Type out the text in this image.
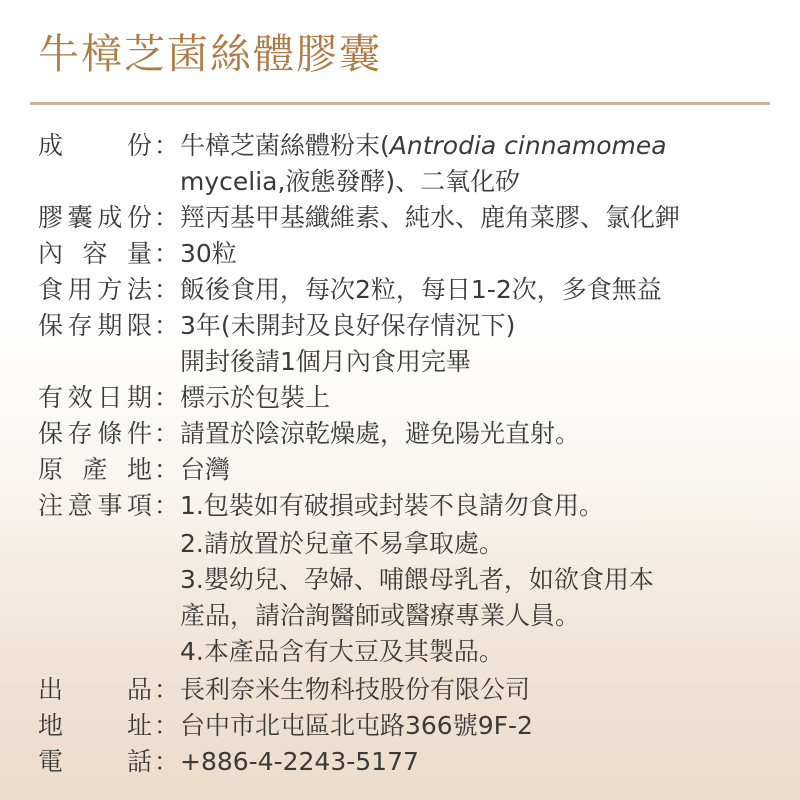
牛樟芝菌絲體膠囊
成	份 ： 牛樟芝菌絲體粉末(Antrodia cinnamomea
mycelia,液態發酵)、二氧化矽
膠 囊 成 份 ： 羥丙基甲基纖維素、純水、鹿角菜膠、氯化鉀
內 容 量 ： 30粒
食 用 方 法 ： 飯後食用，每次2粒，每日1-2次，多食無益
保 存 期 限 ： 3年(未開封及良好保存情況下)
開封後請1個月內食用完畢
有 效 日 期 ： 標示於包裝上
保 存 條 件 ： 請置於陰涼乾燥處，避免陽光直射。
原 產 地 ： 台灣
注 意 事 項 ： 1.包裝如有破損或封裝不良請勿食用。
2.請放置於兒童不易拿取處。
3.嬰幼兒、孕婦、哺餵母乳者，如欲食用本
產品，請洽詢醫師或醫療專業人員。
4.本產品含有大豆及其製品。
出	品 ： 長利奈米生物科技股份有限公司
地	址 ： 台中市北屯區北屯路366號9F-2
電	話 ： +886-4-2243-5177
